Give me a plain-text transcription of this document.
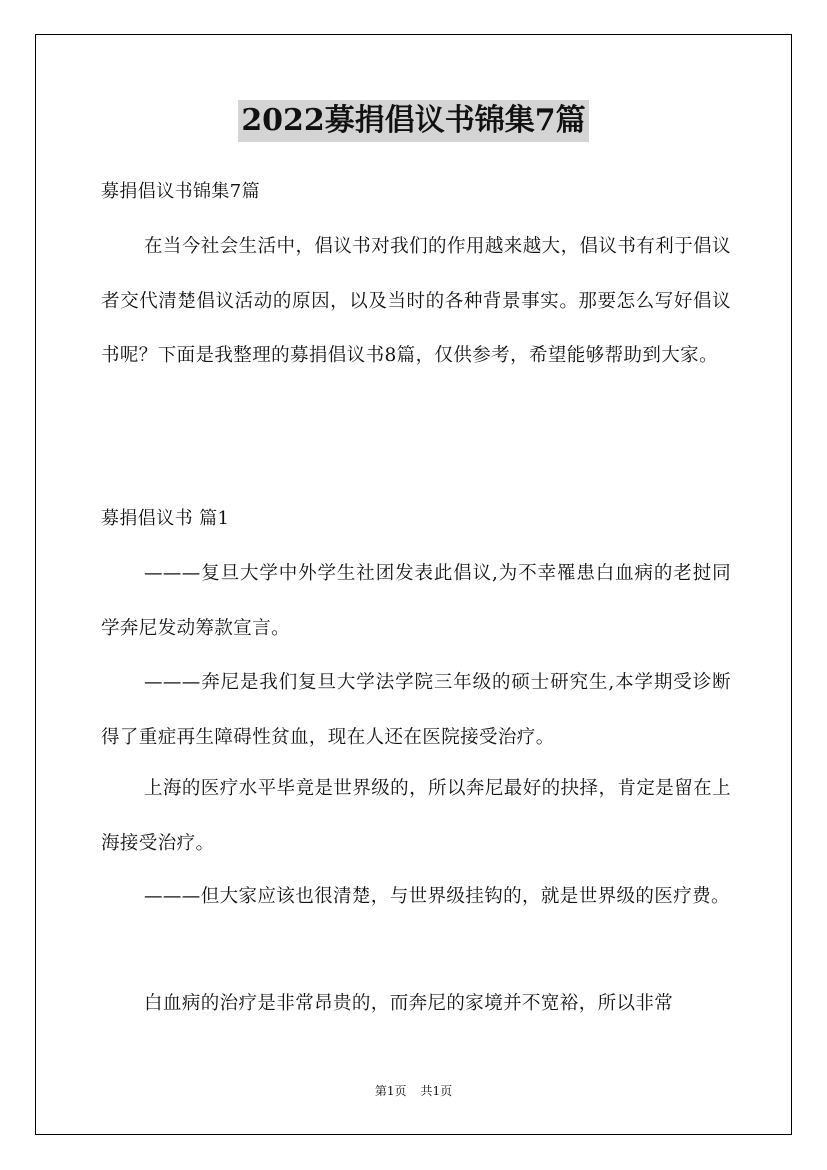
2022募捐倡议书锦集7篇

募捐倡议书锦集7篇

在当今社会生活中，倡议书对我们的作用越来越大，倡议书有利于倡议者交代清楚倡议活动的原因，以及当时的各种背景事实。那要怎么写好倡议书呢？下面是我整理的募捐倡议书8篇，仅供参考，希望能够帮助到大家。

募捐倡议书 篇1

———复旦大学中外学生社团发表此倡议,为不幸罹患白血病的老挝同学奔尼发动筹款宣言。

———奔尼是我们复旦大学法学院三年级的硕士研究生,本学期受诊断得了重症再生障碍性贫血，现在人还在医院接受治疗。

上海的医疗水平毕竟是世界级的，所以奔尼最好的抉择，肯定是留在上海接受治疗。

———但大家应该也很清楚，与世界级挂钩的，就是世界级的医疗费。

白血病的治疗是非常昂贵的，而奔尼的家境并不宽裕，所以非常

第1页 共1页
